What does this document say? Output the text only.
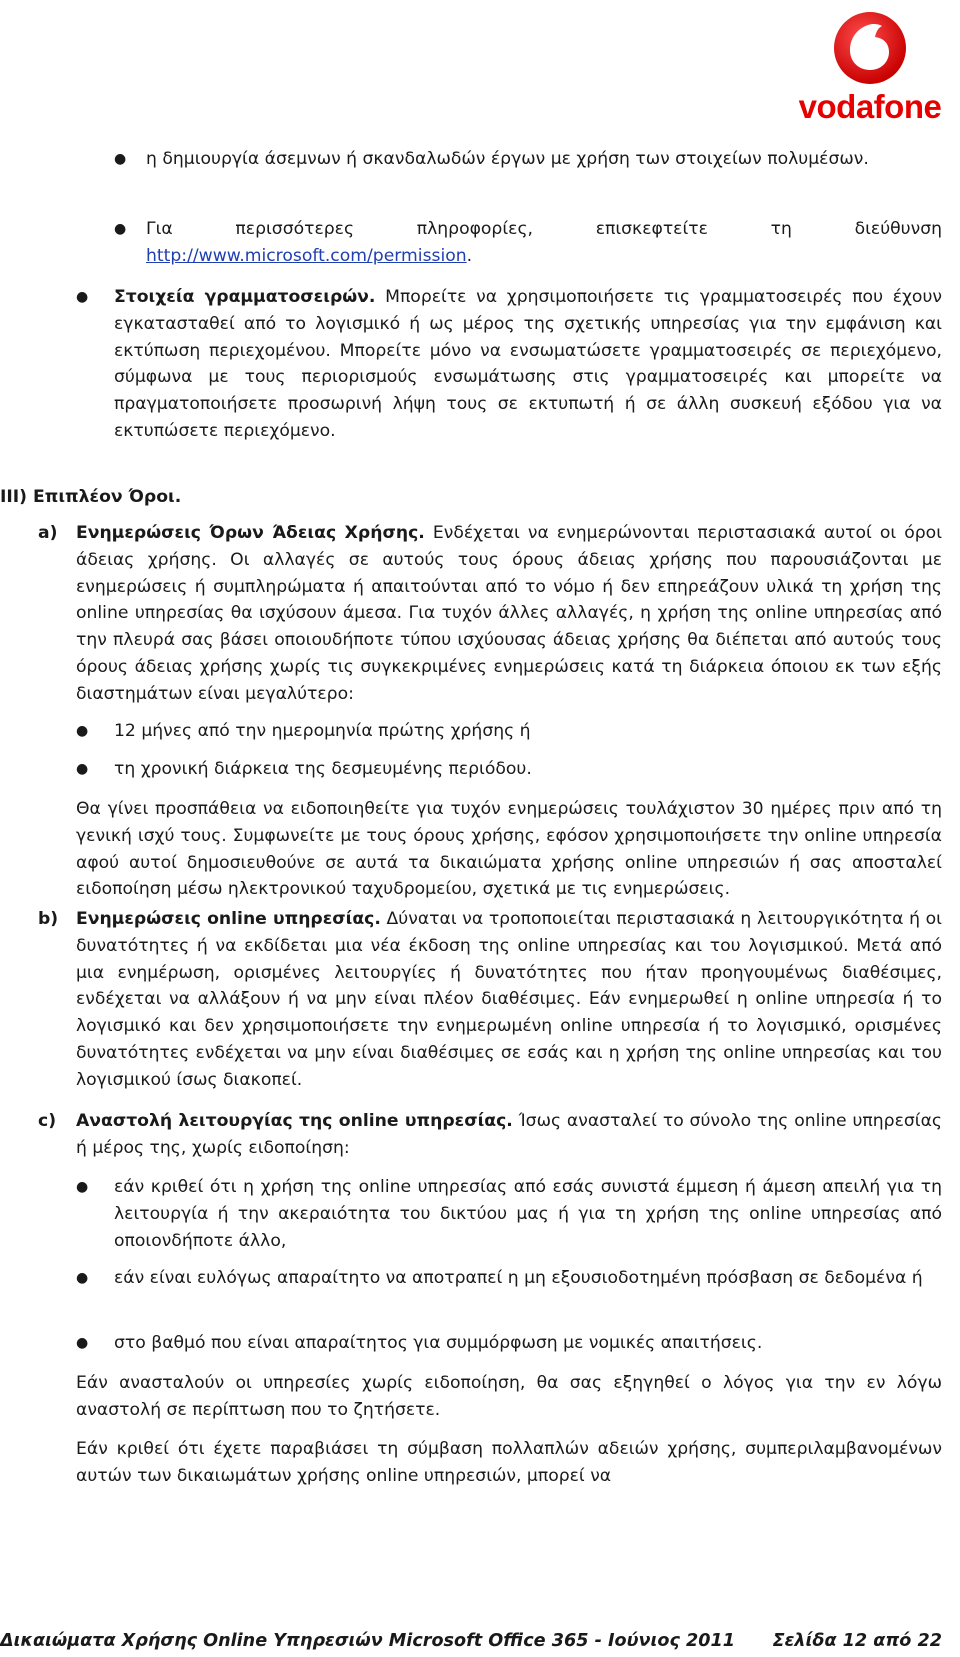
vodafone
● η δημιουργία άσεμνων ή σκανδαλωδών έργων με χρήση των στοιχείων πολυμέσων.

● Για περισσότερες πληροφορίες, επισκεφτείτε τη διεύθυνση

http://www.microsoft.com/permission.

● Στοιχεία γραμματοσειρών. Μπορείτε να χρησιμοποιήσετε τις γραμματοσειρές που έχουν εγκατασταθεί από το λογισμικό ή ως μέρος της σχετικής υπηρεσίας για την εμφάνιση και εκτύπωση περιεχομένου. Μπορείτε μόνο να ενσωματώσετε γραμματοσειρές σε περιεχόμενο, σύμφωνα με τους περιορισμούς ενσωμάτωσης στις γραμματοσειρές και μπορείτε να πραγματοποιήσετε προσωρινή λήψη τους σε εκτυπωτή ή σε άλλη συσκευή εξόδου για να εκτυπώσετε περιεχόμενο.

III) Επιπλέον Όροι.
a) Ενημερώσεις Όρων Άδειας Χρήσης. Ενδέχεται να ενημερώνονται περιστασιακά αυτοί οι όροι άδειας χρήσης. Οι αλλαγές σε αυτούς τους όρους άδειας χρήσης που παρουσιάζονται με ενημερώσεις ή συμπληρώματα ή απαιτούνται από το νόμο ή δεν επηρεάζουν υλικά τη χρήση της online υπηρεσίας θα ισχύσουν άμεσα. Για τυχόν άλλες αλλαγές, η χρήση της online υπηρεσίας από την πλευρά σας βάσει οποιουδήποτε τύπου ισχύουσας άδειας χρήσης θα διέπεται από αυτούς τους όρους άδειας χρήσης χωρίς τις συγκεκριμένες ενημερώσεις κατά τη διάρκεια όποιου εκ των εξής διαστημάτων είναι μεγαλύτερο:

● 12 μήνες από την ημερομηνία πρώτης χρήσης ή

● τη χρονική διάρκεια της δεσμευμένης περιόδου.

Θα γίνει προσπάθεια να ειδοποιηθείτε για τυχόν ενημερώσεις τουλάχιστον 30 ημέρες πριν από τη γενική ισχύ τους. Συμφωνείτε με τους όρους χρήσης, εφόσον χρησιμοποιήσετε την online υπηρεσία αφού αυτοί δημοσιευθούνε σε αυτά τα δικαιώματα χρήσης online υπηρεσιών ή σας αποσταλεί ειδοποίηση μέσω ηλεκτρονικού ταχυδρομείου, σχετικά με τις ενημερώσεις.

b) Ενημερώσεις online υπηρεσίας. Δύναται να τροποποιείται περιστασιακά η λειτουργικότητα ή οι δυνατότητες ή να εκδίδεται μια νέα έκδοση της online υπηρεσίας και του λογισμικού. Μετά από μια ενημέρωση, ορισμένες λειτουργίες ή δυνατότητες που ήταν προηγουμένως διαθέσιμες, ενδέχεται να αλλάξουν ή να μην είναι πλέον διαθέσιμες. Εάν ενημερωθεί η online υπηρεσία ή το λογισμικό και δεν χρησιμοποιήσετε την ενημερωμένη online υπηρεσία ή το λογισμικό, ορισμένες δυνατότητες ενδέχεται να μην είναι διαθέσιμες σε εσάς και η χρήση της online υπηρεσίας και του λογισμικού ίσως διακοπεί.

c) Αναστολή λειτουργίας της online υπηρεσίας. Ίσως ανασταλεί το σύνολο της online υπηρεσίας ή μέρος της, χωρίς ειδοποίηση:

● εάν κριθεί ότι η χρήση της online υπηρεσίας από εσάς συνιστά έμμεση ή άμεση απειλή για τη λειτουργία ή την ακεραιότητα του δικτύου μας ή για τη χρήση της online υπηρεσίας από οποιονδήποτε άλλο,

● εάν είναι ευλόγως απαραίτητο να αποτραπεί η μη εξουσιοδοτημένη πρόσβαση σε δεδομένα ή

● στο βαθμό που είναι απαραίτητος για συμμόρφωση με νομικές απαιτήσεις.

Εάν ανασταλούν οι υπηρεσίες χωρίς ειδοποίηση, θα σας εξηγηθεί ο λόγος για την εν λόγω αναστολή σε περίπτωση που το ζητήσετε.

Εάν κριθεί ότι έχετε παραβιάσει τη σύμβαση πολλαπλών αδειών χρήσης, συμπεριλαμβανομένων αυτών των δικαιωμάτων χρήσης online υπηρεσιών, μπορεί να

Δικαιώματα Χρήσης Online Υπηρεσιών Microsoft Office 365 - Ιούνιος 2011 Σελίδα 12 από 22
